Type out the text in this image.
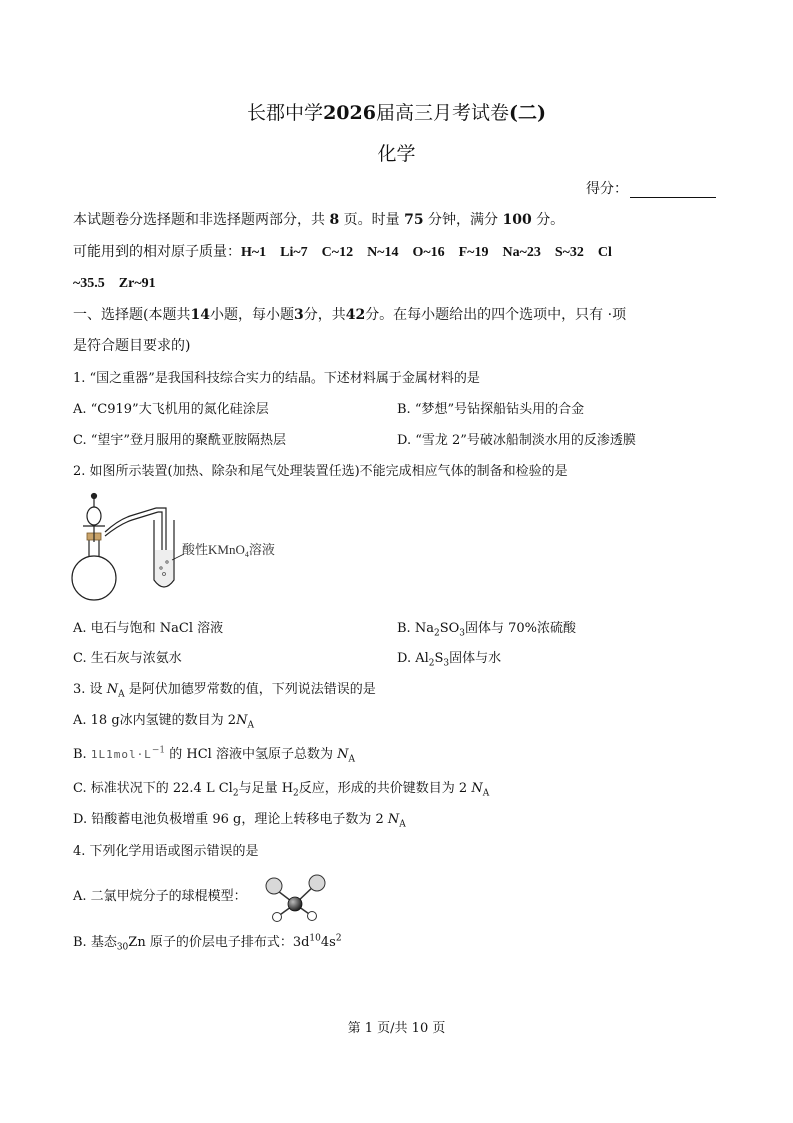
长郡中学2026届高三月考试卷(二)
化学
得分：
本试题卷分选择题和非选择题两部分，共 8 页。时量 75 分钟，满分 100 分。
可能用到的相对原子质量：H~1　Li~7　C~12　N~14　O~16　F~19　Na~23　S~32　Cl
~35.5　Zr~91
一、选择题(本题共14小题，每小题3分，共42分。在每小题给出的四个选项中，只有 ·项
是符合题目要求的)
1. “国之重器”是我国科技综合实力的结晶。下述材料属于金属材料的是
A. “C919”大飞机用的氮化硅涂层	B. “梦想”号钻探船钻头用的合金
C. “望宇”登月服用的聚酰亚胺隔热层	D. “雪龙 2”号破冰船制淡水用的反渗透膜
2. 如图所示装置(加热、除杂和尾气处理装置任选)不能完成相应气体的制备和检验的是
酸性KMnO$_4$溶液
A. 电石与饱和 NaCl 溶液	B. $Na_2SO_3$固体与 70%浓硫酸
C. 生石灰与浓氨水	D. $Al_2S_3$固体与水
3. 设 $N_A$ 是阿伏加德罗常数的值，下列说法错误的是
A. 18 g冰内氢键的数目为 $2N_A$
B. $1L1mol\cdot L^{-1}$ 的 HCl 溶液中氢原子总数为 $N_A$
C. 标准状况下的 22.4 L $Cl_2$与足量 $H_2$反应，形成的共价键数目为 2 $N_A$
D. 铅酸蓄电池负极增重 96 g，理论上转移电子数为 2 $N_A$
4. 下列化学用语或图示错误的是
A. 二氯甲烷分子的球棍模型：
B. 基态$_{30}$Zn 原子的价层电子排布式：$3d^{10}4s^2$
第 1 页/共 10 页
